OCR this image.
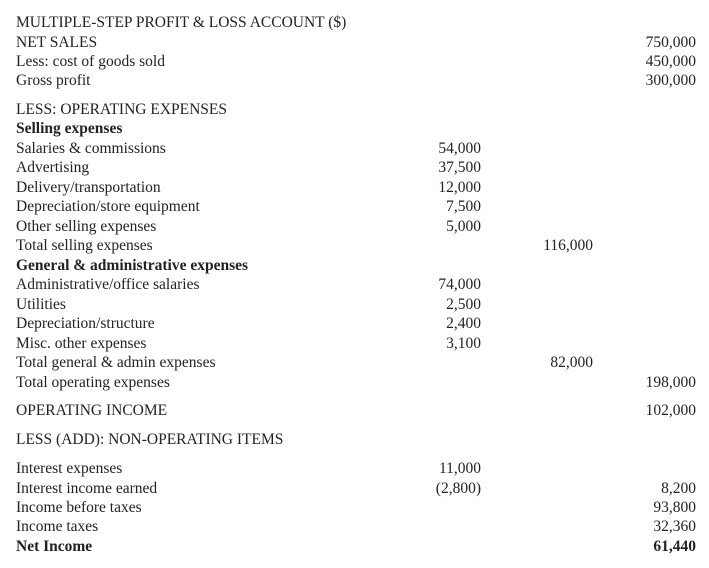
MULTIPLE-STEP PROFIT & LOSS ACCOUNT ($)
NET SALES	750,000
Less: cost of goods sold	450,000
Gross profit	300,000
LESS: OPERATING EXPENSES
Selling expenses
Salaries & commissions	54,000
Advertising	37,500
Delivery/transportation	12,000
Depreciation/store equipment	7,500
Other selling expenses	5,000
Total selling expenses	116,000
General & administrative expenses
Administrative/office salaries	74,000
Utilities	2,500
Depreciation/structure	2,400
Misc. other expenses	3,100
Total general & admin expenses	82,000
Total operating expenses	198,000
OPERATING INCOME	102,000
LESS (ADD): NON-OPERATING ITEMS
Interest expenses	11,000
Interest income earned	(2,800)	8,200
Income before taxes	93,800
Income taxes	32,360
Net Income	61,440
